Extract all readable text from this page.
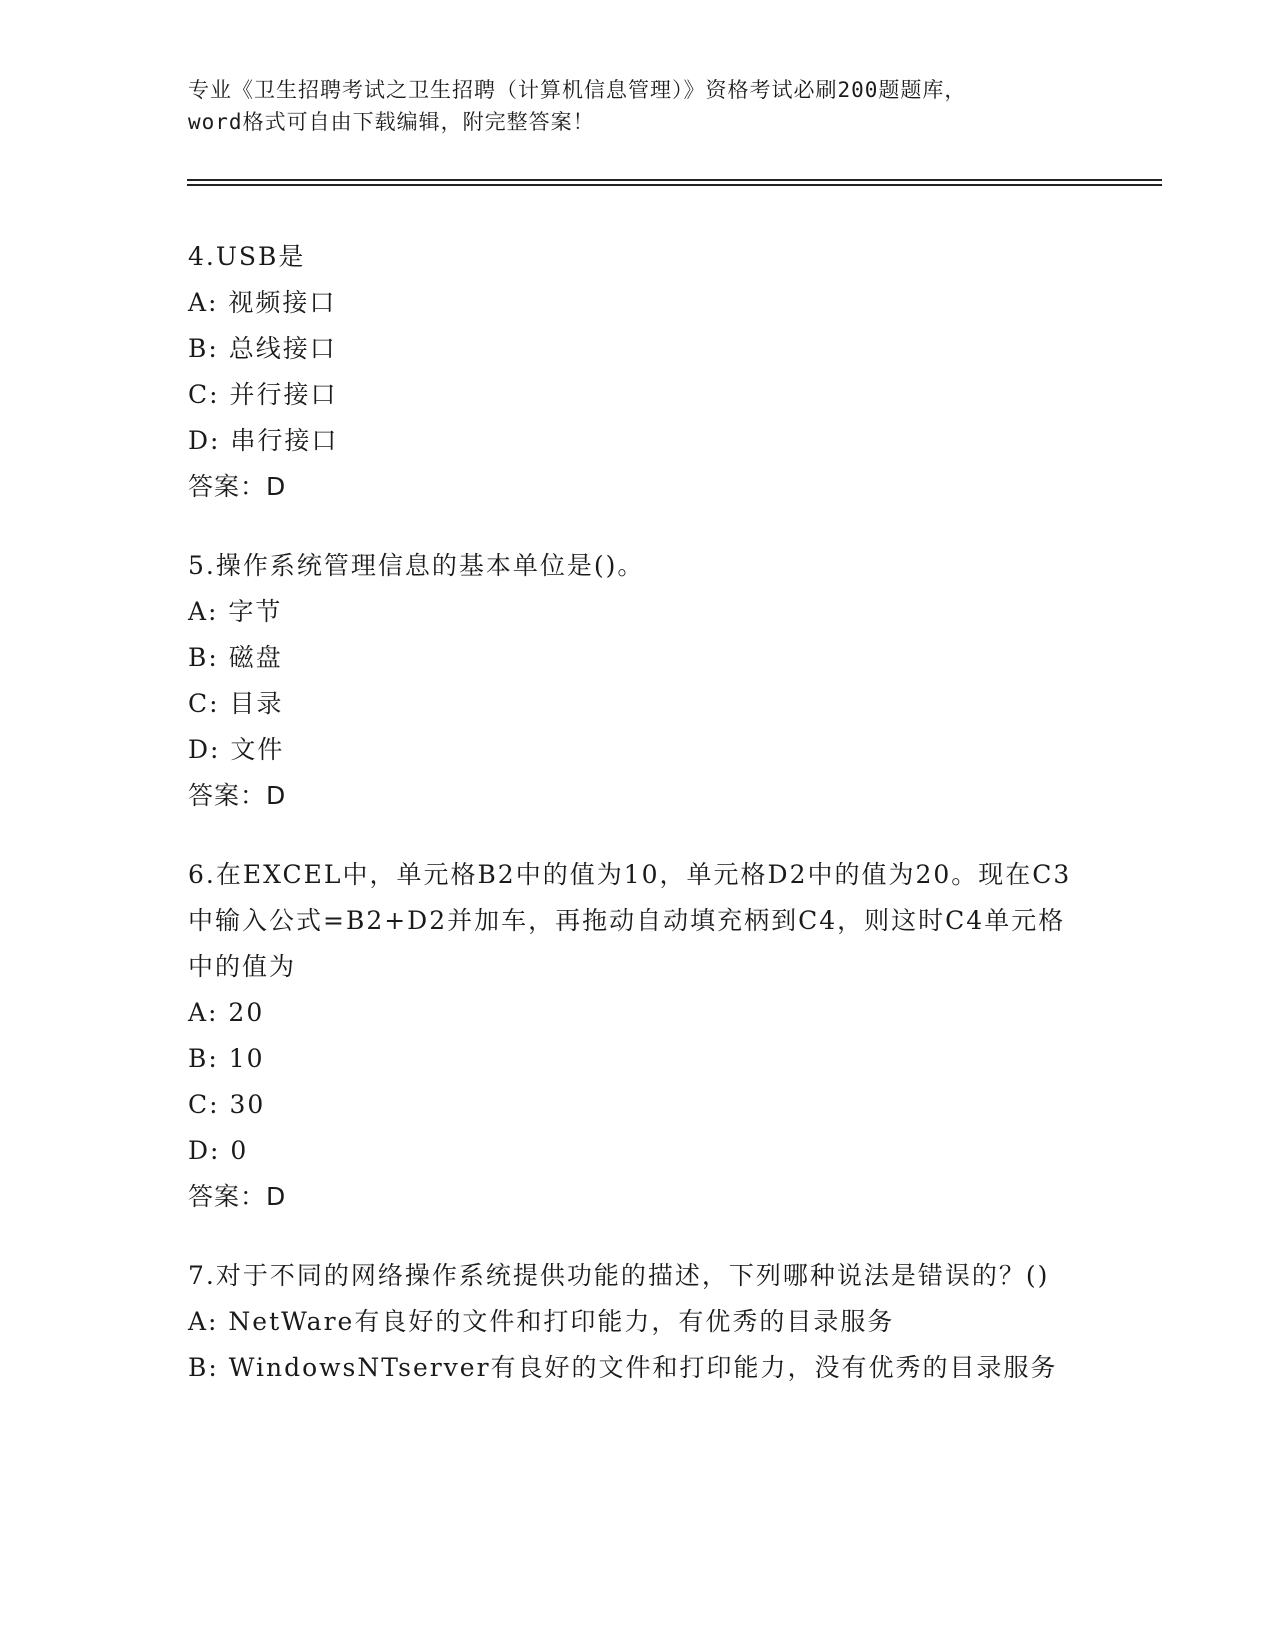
专业《卫生招聘考试之卫生招聘（计算机信息管理）》资格考试必刷200题题库，
word格式可自由下载编辑，附完整答案！
4.USB是
A: 视频接口
B: 总线接口
C: 并行接口
D: 串行接口
答案：D
5.操作系统管理信息的基本单位是()。
A: 字节
B: 磁盘
C: 目录
D: 文件
答案：D
6.在EXCEL中，单元格B2中的值为10，单元格D2中的值为20。现在C3中输入公式=B2+D2并加车，再拖动自动填充柄到C4，则这时C4单元格中的值为
A: 20
B: 10
C: 30
D: 0
答案：D
7.对于不同的网络操作系统提供功能的描述，下列哪种说法是错误的？()
A: NetWare有良好的文件和打印能力，有优秀的目录服务
B: WindowsNTserver有良好的文件和打印能力，没有优秀的目录服务
